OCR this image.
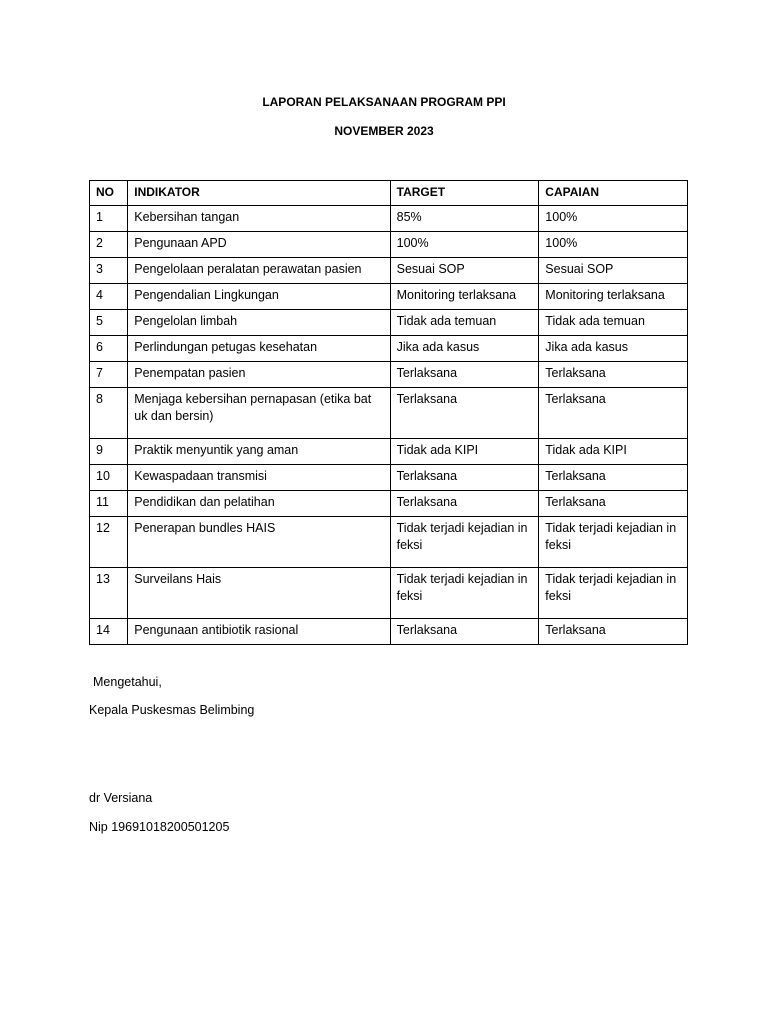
LAPORAN PELAKSANAAN PROGRAM PPI
NOVEMBER 2023
NO	INDIKATOR	TARGET	CAPAIAN
1	Kebersihan tangan	85%	100%
2	Pengunaan APD	100%	100%
3	Pengelolaan peralatan perawatan pasien	Sesuai SOP	Sesuai SOP
4	Pengendalian Lingkungan	Monitoring terlaksana	Monitoring terlaksana
5	Pengelolan limbah	Tidak ada temuan	Tidak ada temuan
6	Perlindungan petugas kesehatan	Jika ada kasus	Jika ada kasus
7	Penempatan pasien	Terlaksana	Terlaksana
8	Menjaga kebersihan pernapasan (etika bat uk dan bersin)	Terlaksana	Terlaksana
9	Praktik menyuntik yang aman	Tidak ada KIPI	Tidak ada KIPI
10	Kewaspadaan transmisi	Terlaksana	Terlaksana
11	Pendidikan dan pelatihan	Terlaksana	Terlaksana
12	Penerapan bundles HAIS	Tidak terjadi kejadian in feksi	Tidak terjadi kejadian in feksi
13	Surveilans Hais	Tidak terjadi kejadian in feksi	Tidak terjadi kejadian in feksi
14	Pengunaan antibiotik rasional	Terlaksana	Terlaksana
Mengetahui,
Kepala Puskesmas Belimbing
dr Versiana
Nip 19691018200501205
